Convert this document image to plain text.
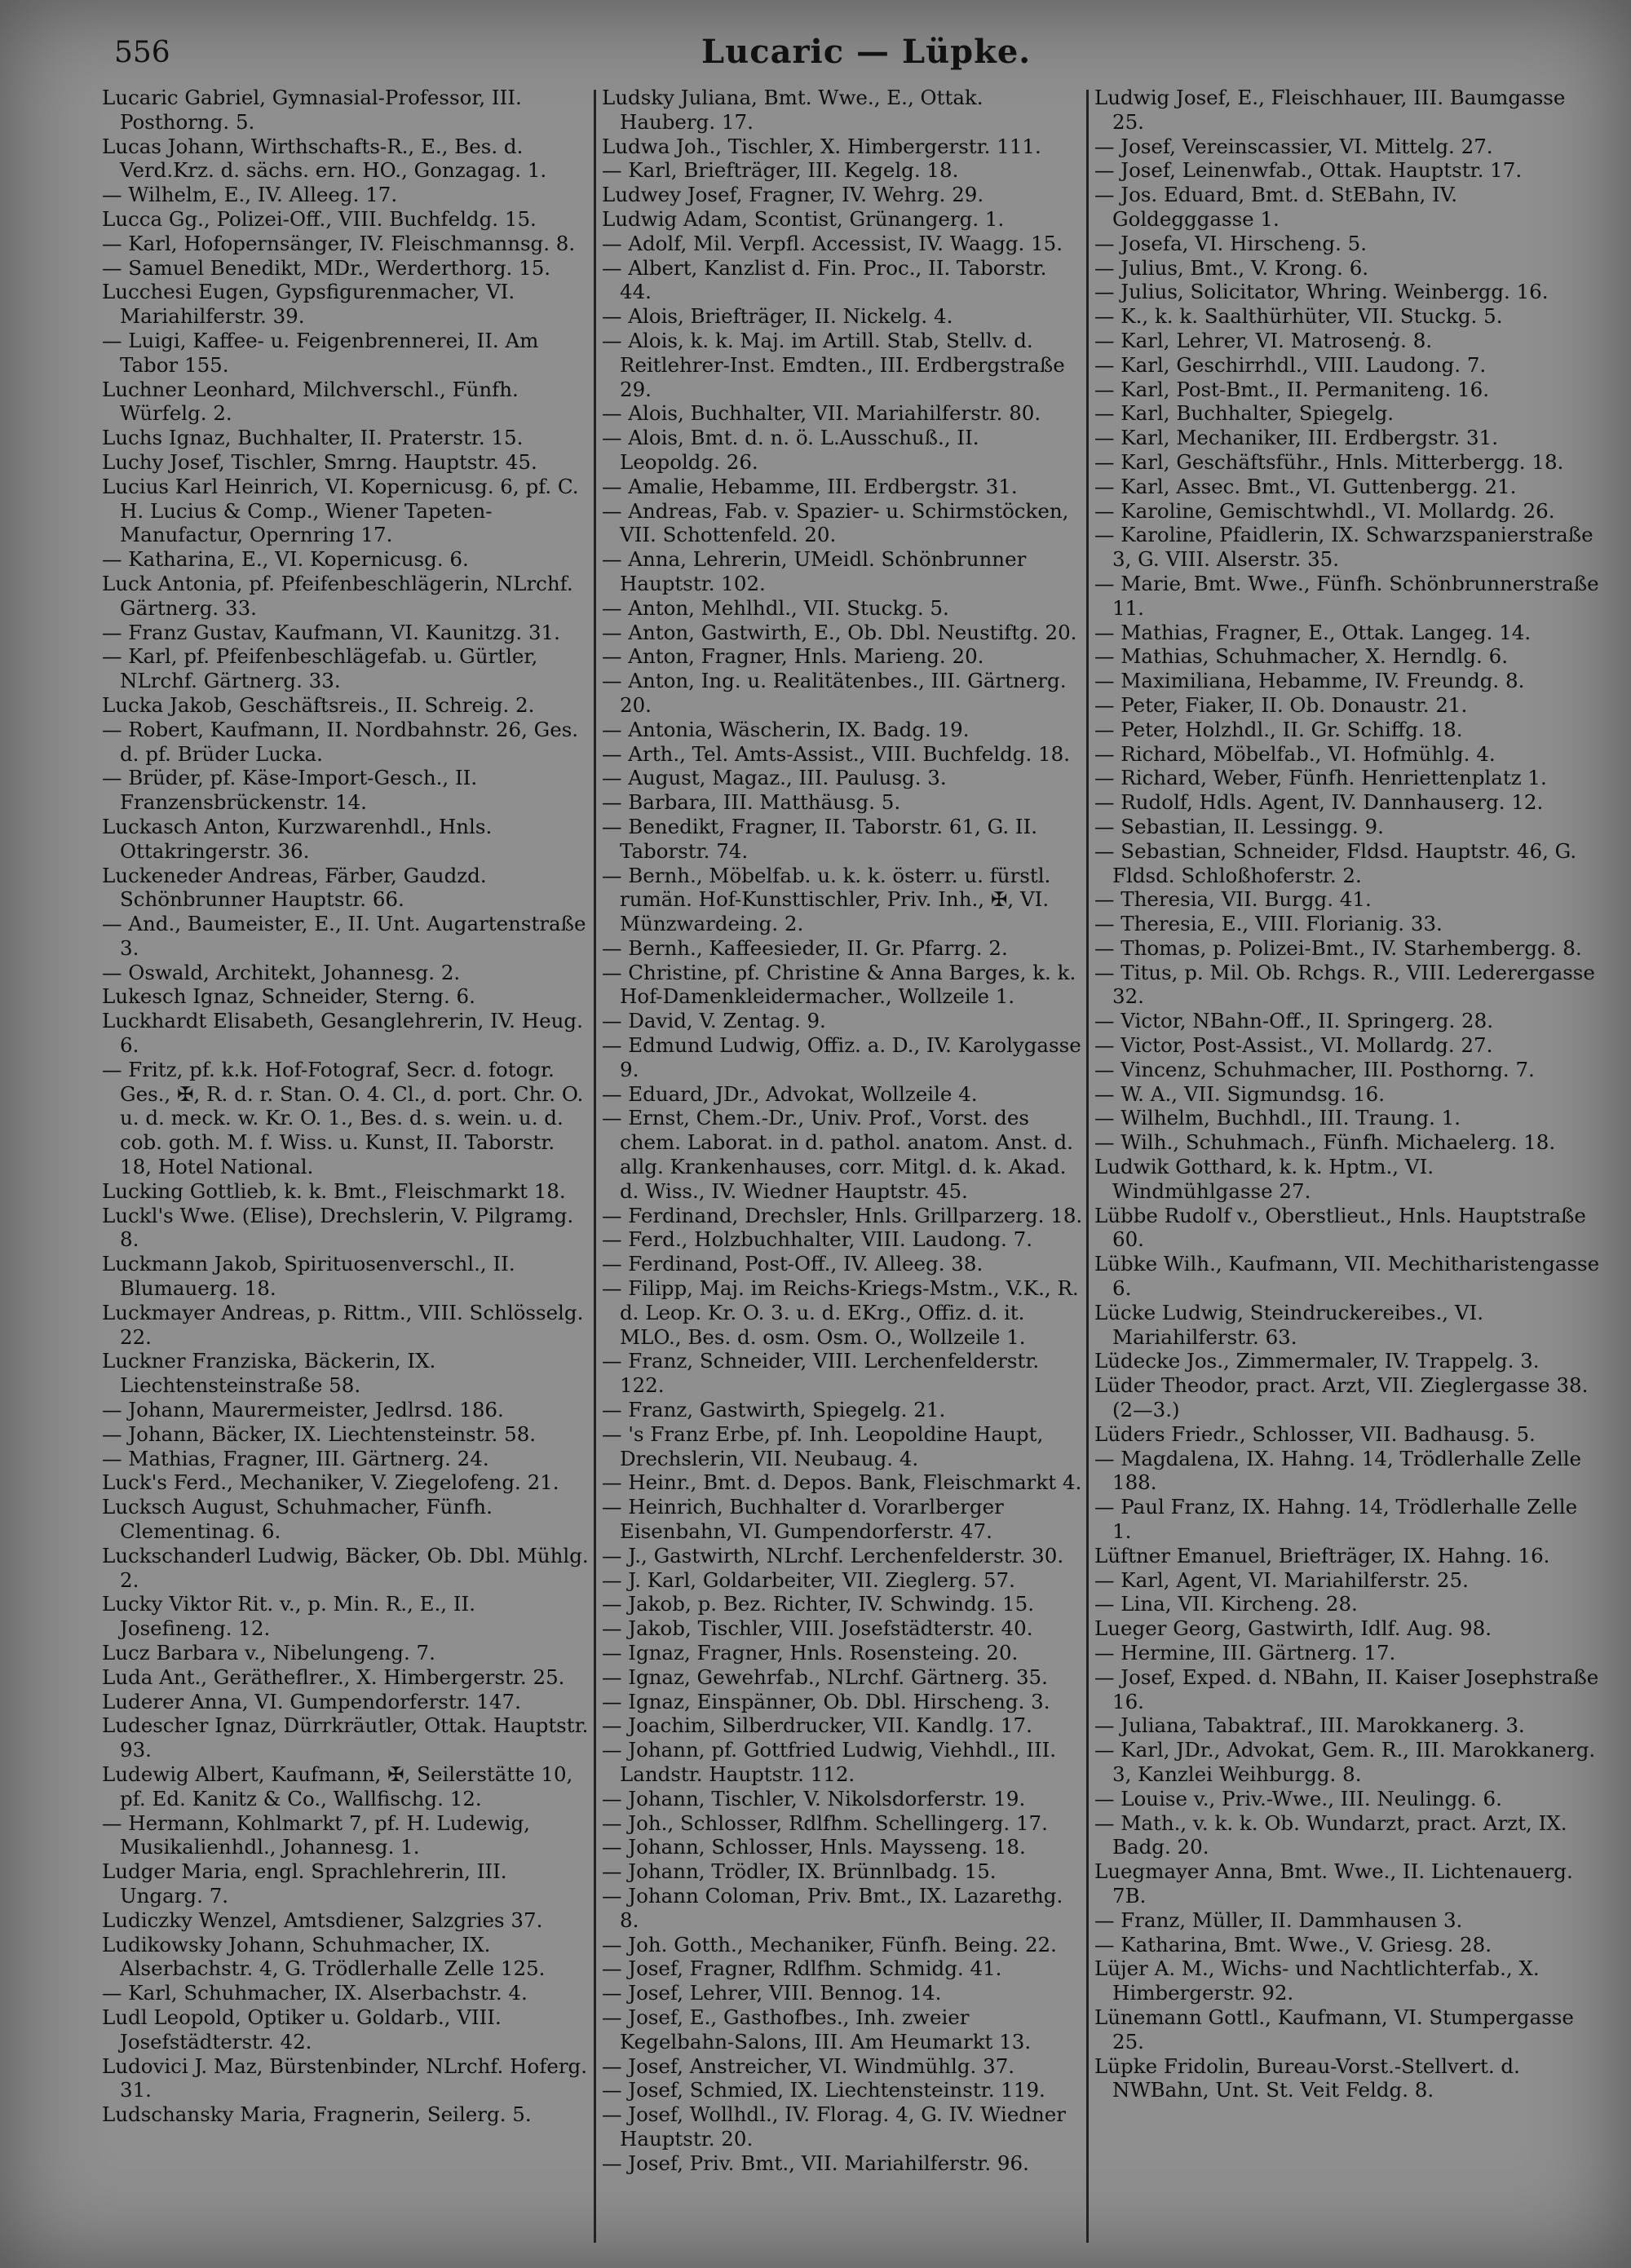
556	Lucaric — Lüpke.

Lucaric Gabriel, Gymnasial-Professor, III. Posthorng. 5.

Lucas Johann, Wirthschafts-R., E., Bes. d. Verd.Krz. d. sächs. ern. HO., Gonzagag. 1.

— Wilhelm, E., IV. Alleeg. 17.

Lucca Gg., Polizei-Off., VIII. Buchfeldg. 15.

— Karl, Hofopernsänger, IV. Fleischmannsg. 8.

— Samuel Benedikt, MDr., Werderthorg. 15.

Lucchesi Eugen, Gypsfigurenmacher, VI. Mariahilferstr. 39.

— Luigi, Kaffee- u. Feigenbrennerei, II. Am Tabor 155.

Luchner Leonhard, Milchverschl., Fünfh. Würfelg. 2.

Luchs Ignaz, Buchhalter, II. Praterstr. 15.

Luchy Josef, Tischler, Smrng. Hauptstr. 45.

Lucius Karl Heinrich, VI. Kopernicusg. 6, pf. C. H. Lucius & Comp., Wiener Tapeten-Manufactur, Opernring 17.

— Katharina, E., VI. Kopernicusg. 6.

Luck Antonia, pf. Pfeifenbeschlägerin, NLrchf. Gärtnerg. 33.

— Franz Gustav, Kaufmann, VI. Kaunitzg. 31.

— Karl, pf. Pfeifenbeschlägefab. u. Gürtler, NLrchf. Gärtnerg. 33.

Lucka Jakob, Geschäftsreis., II. Schreig. 2.

— Robert, Kaufmann, II. Nordbahnstr. 26, Ges. d. pf. Brüder Lucka.

— Brüder, pf. Käse-Import-Gesch., II. Franzensbrückenstr. 14.

Luckasch Anton, Kurzwarenhdl., Hnls. Ottakringerstr. 36.

Luckeneder Andreas, Färber, Gaudzd. Schönbrunner Hauptstr. 66.

— And., Baumeister, E., II. Unt. Augartenstraße 3.

— Oswald, Architekt, Johannesg. 2.

Lukesch Ignaz, Schneider, Sterng. 6.

Luckhardt Elisabeth, Gesanglehrerin, IV. Heug. 6.

— Fritz, pf. k.k. Hof-Fotograf, Secr. d. fotogr. Ges., ✠, R. d. r. Stan. O. 4. Cl., d. port. Chr. O. u. d. meck. w. Kr. O. 1., Bes. d. s. wein. u. d. cob. goth. M. f. Wiss. u. Kunst, II. Taborstr. 18, Hotel National.

Lucking Gottlieb, k. k. Bmt., Fleischmarkt 18.

Luckl's Wwe. (Elise), Drechslerin, V. Pilgramg. 8.

Luckmann Jakob, Spirituosenverschl., II. Blumauerg. 18.

Luckmayer Andreas, p. Rittm., VIII. Schlösselg. 22.

Luckner Franziska, Bäckerin, IX. Liechtensteinstraße 58.

— Johann, Maurermeister, Jedlrsd. 186.

— Johann, Bäcker, IX. Liechtensteinstr. 58.

— Mathias, Fragner, III. Gärtnerg. 24.

Luck's Ferd., Mechaniker, V. Ziegelofeng. 21.

Lucksch August, Schuhmacher, Fünfh. Clementinag. 6.

Luckschanderl Ludwig, Bäcker, Ob. Dbl. Mühlg. 2.

Lucky Viktor Rit. v., p. Min. R., E., II. Josefineng. 12.

Lucz Barbara v., Nibelungeng. 7.

Luda Ant., Gerätheflrer., X. Himbergerstr. 25.

Luderer Anna, VI. Gumpendorferstr. 147.

Ludescher Ignaz, Dürrkräutler, Ottak. Hauptstr. 93.

Ludewig Albert, Kaufmann, ✠, Seilerstätte 10, pf. Ed. Kanitz & Co., Wallfischg. 12.

— Hermann, Kohlmarkt 7, pf. H. Ludewig, Musikalienhdl., Johannesg. 1.

Ludger Maria, engl. Sprachlehrerin, III. Ungarg. 7.

Ludiczky Wenzel, Amtsdiener, Salzgries 37.

Ludikowsky Johann, Schuhmacher, IX. Alserbachstr. 4, G. Trödlerhalle Zelle 125.

— Karl, Schuhmacher, IX. Alserbachstr. 4.

Ludl Leopold, Optiker u. Goldarb., VIII. Josefstädterstr. 42.

Ludovici J. Maz, Bürstenbinder, NLrchf. Hoferg. 31.

Ludschansky Maria, Fragnerin, Seilerg. 5.

Ludsky Juliana, Bmt. Wwe., E., Ottak. Hauberg. 17.

Ludwa Joh., Tischler, X. Himbergerstr. 111.

— Karl, Briefträger, III. Kegelg. 18.

Ludwey Josef, Fragner, IV. Wehrg. 29.

Ludwig Adam, Scontist, Grünangerg. 1.

— Adolf, Mil. Verpfl. Accessist, IV. Waagg. 15.

— Albert, Kanzlist d. Fin. Proc., II. Taborstr. 44.

— Alois, Briefträger, II. Nickelg. 4.

— Alois, k. k. Maj. im Artill. Stab, Stellv. d. Reitlehrer-Inst. Emdten., III. Erdbergstraße 29.

— Alois, Buchhalter, VII. Mariahilferstr. 80.

— Alois, Bmt. d. n. ö. L.Ausschuß., II. Leopoldg. 26.

— Amalie, Hebamme, III. Erdbergstr. 31.

— Andreas, Fab. v. Spazier- u. Schirmstöcken, VII. Schottenfeld. 20.

— Anna, Lehrerin, UMeidl. Schönbrunner Hauptstr. 102.

— Anton, Mehlhdl., VII. Stuckg. 5.

— Anton, Gastwirth, E., Ob. Dbl. Neustiftg. 20.

— Anton, Fragner, Hnls. Marieng. 20.

— Anton, Ing. u. Realitätenbes., III. Gärtnerg. 20.

— Antonia, Wäscherin, IX. Badg. 19.

— Arth., Tel. Amts-Assist., VIII. Buchfeldg. 18.

— August, Magaz., III. Paulusg. 3.

— Barbara, III. Matthäusg. 5.

— Benedikt, Fragner, II. Taborstr. 61, G. II. Taborstr. 74.

— Bernh., Möbelfab. u. k. k. österr. u. fürstl. rumän. Hof-Kunsttischler, Priv. Inh., ✠, VI. Münzwardeing. 2.

— Bernh., Kaffeesieder, II. Gr. Pfarrg. 2.

— Christine, pf. Christine & Anna Barges, k. k. Hof-Damenkleidermacher., Wollzeile 1.

— David, V. Zentag. 9.

— Edmund Ludwig, Offiz. a. D., IV. Karolygasse 9.

— Eduard, JDr., Advokat, Wollzeile 4.

— Ernst, Chem.-Dr., Univ. Prof., Vorst. des chem. Laborat. in d. pathol. anatom. Anst. d. allg. Krankenhauses, corr. Mitgl. d. k. Akad. d. Wiss., IV. Wiedner Hauptstr. 45.

— Ferdinand, Drechsler, Hnls. Grillparzerg. 18.

— Ferd., Holzbuchhalter, VIII. Laudong. 7.

— Ferdinand, Post-Off., IV. Alleeg. 38.

— Filipp, Maj. im Reichs-Kriegs-Mstm., V.K., R. d. Leop. Kr. O. 3. u. d. EKrg., Offiz. d. it. MLO., Bes. d. osm. Osm. O., Wollzeile 1.

— Franz, Schneider, VIII. Lerchenfelderstr. 122.

— Franz, Gastwirth, Spiegelg. 21.

— 's Franz Erbe, pf. Inh. Leopoldine Haupt, Drechslerin, VII. Neubaug. 4.

— Heinr., Bmt. d. Depos. Bank, Fleischmarkt 4.

— Heinrich, Buchhalter d. Vorarlberger Eisenbahn, VI. Gumpendorferstr. 47.

— J., Gastwirth, NLrchf. Lerchenfelderstr. 30.

— J. Karl, Goldarbeiter, VII. Zieglerg. 57.

— Jakob, p. Bez. Richter, IV. Schwindg. 15.

— Jakob, Tischler, VIII. Josefstädterstr. 40.

— Ignaz, Fragner, Hnls. Rosensteing. 20.

— Ignaz, Gewehrfab., NLrchf. Gärtnerg. 35.

— Ignaz, Einspänner, Ob. Dbl. Hirscheng. 3.

— Joachim, Silberdrucker, VII. Kandlg. 17.

— Johann, pf. Gottfried Ludwig, Viehhdl., III. Landstr. Hauptstr. 112.

— Johann, Tischler, V. Nikolsdorferstr. 19.

— Joh., Schlosser, Rdlfhm. Schellingerg. 17.

— Johann, Schlosser, Hnls. Maysseng. 18.

— Johann, Trödler, IX. Brünnlbadg. 15.

— Johann Coloman, Priv. Bmt., IX. Lazarethg. 8.

— Joh. Gotth., Mechaniker, Fünfh. Being. 22.

— Josef, Fragner, Rdlfhm. Schmidg. 41.

— Josef, Lehrer, VIII. Bennog. 14.

— Josef, E., Gasthofbes., Inh. zweier Kegelbahn-Salons, III. Am Heumarkt 13.

— Josef, Anstreicher, VI. Windmühlg. 37.

— Josef, Schmied, IX. Liechtensteinstr. 119.

— Josef, Wollhdl., IV. Florag. 4, G. IV. Wiedner Hauptstr. 20.

— Josef, Priv. Bmt., VII. Mariahilferstr. 96.

Ludwig Josef, E., Fleischhauer, III. Baumgasse 25.

— Josef, Vereinscassier, VI. Mittelg. 27.

— Josef, Leinenwfab., Ottak. Hauptstr. 17.

— Jos. Eduard, Bmt. d. StEBahn, IV. Goldegggasse 1.

— Josefa, VI. Hirscheng. 5.

— Julius, Bmt., V. Krong. 6.

— Julius, Solicitator, Whring. Weinbergg. 16.

— K., k. k. Saalthürhüter, VII. Stuckg. 5.

— Karl, Lehrer, VI. Matrosenġ. 8.

— Karl, Geschirrhdl., VIII. Laudong. 7.

— Karl, Post-Bmt., II. Permaniteng. 16.

— Karl, Buchhalter, Spiegelg.

— Karl, Mechaniker, III. Erdbergstr. 31.

— Karl, Geschäftsführ., Hnls. Mitterbergg. 18.

— Karl, Assec. Bmt., VI. Guttenbergg. 21.

— Karoline, Gemischtwhdl., VI. Mollardg. 26.

— Karoline, Pfaidlerin, IX. Schwarzspanierstraße 3, G. VIII. Alserstr. 35.

— Marie, Bmt. Wwe., Fünfh. Schönbrunnerstraße 11.

— Mathias, Fragner, E., Ottak. Langeg. 14.

— Mathias, Schuhmacher, X. Herndlg. 6.

— Maximiliana, Hebamme, IV. Freundg. 8.

— Peter, Fiaker, II. Ob. Donaustr. 21.

— Peter, Holzhdl., II. Gr. Schiffg. 18.

— Richard, Möbelfab., VI. Hofmühlg. 4.

— Richard, Weber, Fünfh. Henriettenplatz 1.

— Rudolf, Hdls. Agent, IV. Dannhauserg. 12.

— Sebastian, II. Lessingg. 9.

— Sebastian, Schneider, Fldsd. Hauptstr. 46, G. Fldsd. Schloßhoferstr. 2.

— Theresia, VII. Burgg. 41.

— Theresia, E., VIII. Florianig. 33.

— Thomas, p. Polizei-Bmt., IV. Starhembergg. 8.

— Titus, p. Mil. Ob. Rchgs. R., VIII. Lederergasse 32.

— Victor, NBahn-Off., II. Springerg. 28.

— Victor, Post-Assist., VI. Mollardg. 27.

— Vincenz, Schuhmacher, III. Posthorng. 7.

— W. A., VII. Sigmundsg. 16.

— Wilhelm, Buchhdl., III. Traung. 1.

— Wilh., Schuhmach., Fünfh. Michaelerg. 18.

Ludwik Gotthard, k. k. Hptm., VI. Windmühlgasse 27.

Lübbe Rudolf v., Oberstlieut., Hnls. Hauptstraße 60.

Lübke Wilh., Kaufmann, VII. Mechitharistengasse 6.

Lücke Ludwig, Steindruckereibes., VI. Mariahilferstr. 63.

Lüdecke Jos., Zimmermaler, IV. Trappelg. 3.

Lüder Theodor, pract. Arzt, VII. Zieglergasse 38. (2—3.)

Lüders Friedr., Schlosser, VII. Badhausg. 5.

— Magdalena, IX. Hahng. 14, Trödlerhalle Zelle 188.

— Paul Franz, IX. Hahng. 14, Trödlerhalle Zelle 1.

Lüftner Emanuel, Briefträger, IX. Hahng. 16.

— Karl, Agent, VI. Mariahilferstr. 25.

— Lina, VII. Kircheng. 28.

Lueger Georg, Gastwirth, Idlf. Aug. 98.

— Hermine, III. Gärtnerg. 17.

— Josef, Exped. d. NBahn, II. Kaiser Josephstraße 16.

— Juliana, Tabaktraf., III. Marokkanerg. 3.

— Karl, JDr., Advokat, Gem. R., III. Marokkanerg. 3, Kanzlei Weihburgg. 8.

— Louise v., Priv.-Wwe., III. Neulingg. 6.

— Math., v. k. k. Ob. Wundarzt, pract. Arzt, IX. Badg. 20.

Luegmayer Anna, Bmt. Wwe., II. Lichtenauerg. 7B.

— Franz, Müller, II. Dammhausen 3.

— Katharina, Bmt. Wwe., V. Griesg. 28.

Lüjer A. M., Wichs- und Nachtlichterfab., X. Himbergerstr. 92.

Lünemann Gottl., Kaufmann, VI. Stumpergasse 25.

Lüpke Fridolin, Bureau-Vorst.-Stellvert. d. NWBahn, Unt. St. Veit Feldg. 8.
